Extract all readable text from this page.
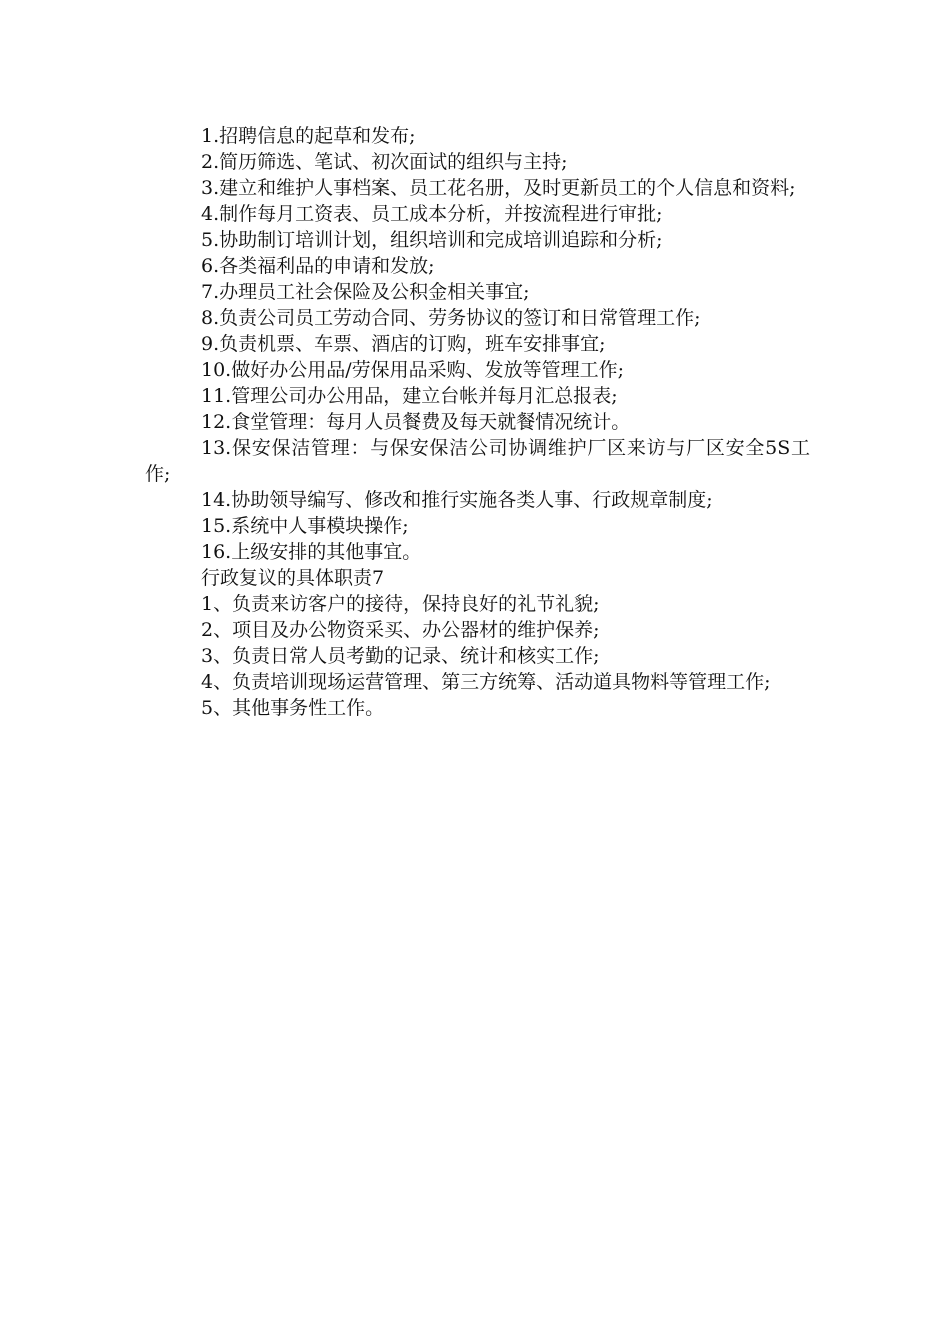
1.招聘信息的起草和发布;

2.简历筛选、笔试、初次面试的组织与主持;

3.建立和维护人事档案、员工花名册，及时更新员工的个人信息和资料;

4.制作每月工资表、员工成本分析，并按流程进行审批;

5.协助制订培训计划，组织培训和完成培训追踪和分析;

6.各类福利品的申请和发放;

7.办理员工社会保险及公积金相关事宜;

8.负责公司员工劳动合同、劳务协议的签订和日常管理工作;

9.负责机票、车票、酒店的订购，班车安排事宜;

10.做好办公用品/劳保用品采购、发放等管理工作;

11.管理公司办公用品，建立台帐并每月汇总报表;

12.食堂管理：每月人员餐费及每天就餐情况统计。

13.保安保洁管理：与保安保洁公司协调维护厂区来访与厂区安全5S工作;

14.协助领导编写、修改和推行实施各类人事、行政规章制度;

15.系统中人事模块操作;

16.上级安排的其他事宜。

行政复议的具体职责7

1、负责来访客户的接待，保持良好的礼节礼貌;

2、项目及办公物资采买、办公器材的维护保养;

3、负责日常人员考勤的记录、统计和核实工作;

4、负责培训现场运营管理、第三方统筹、活动道具物料等管理工作;

5、其他事务性工作。
